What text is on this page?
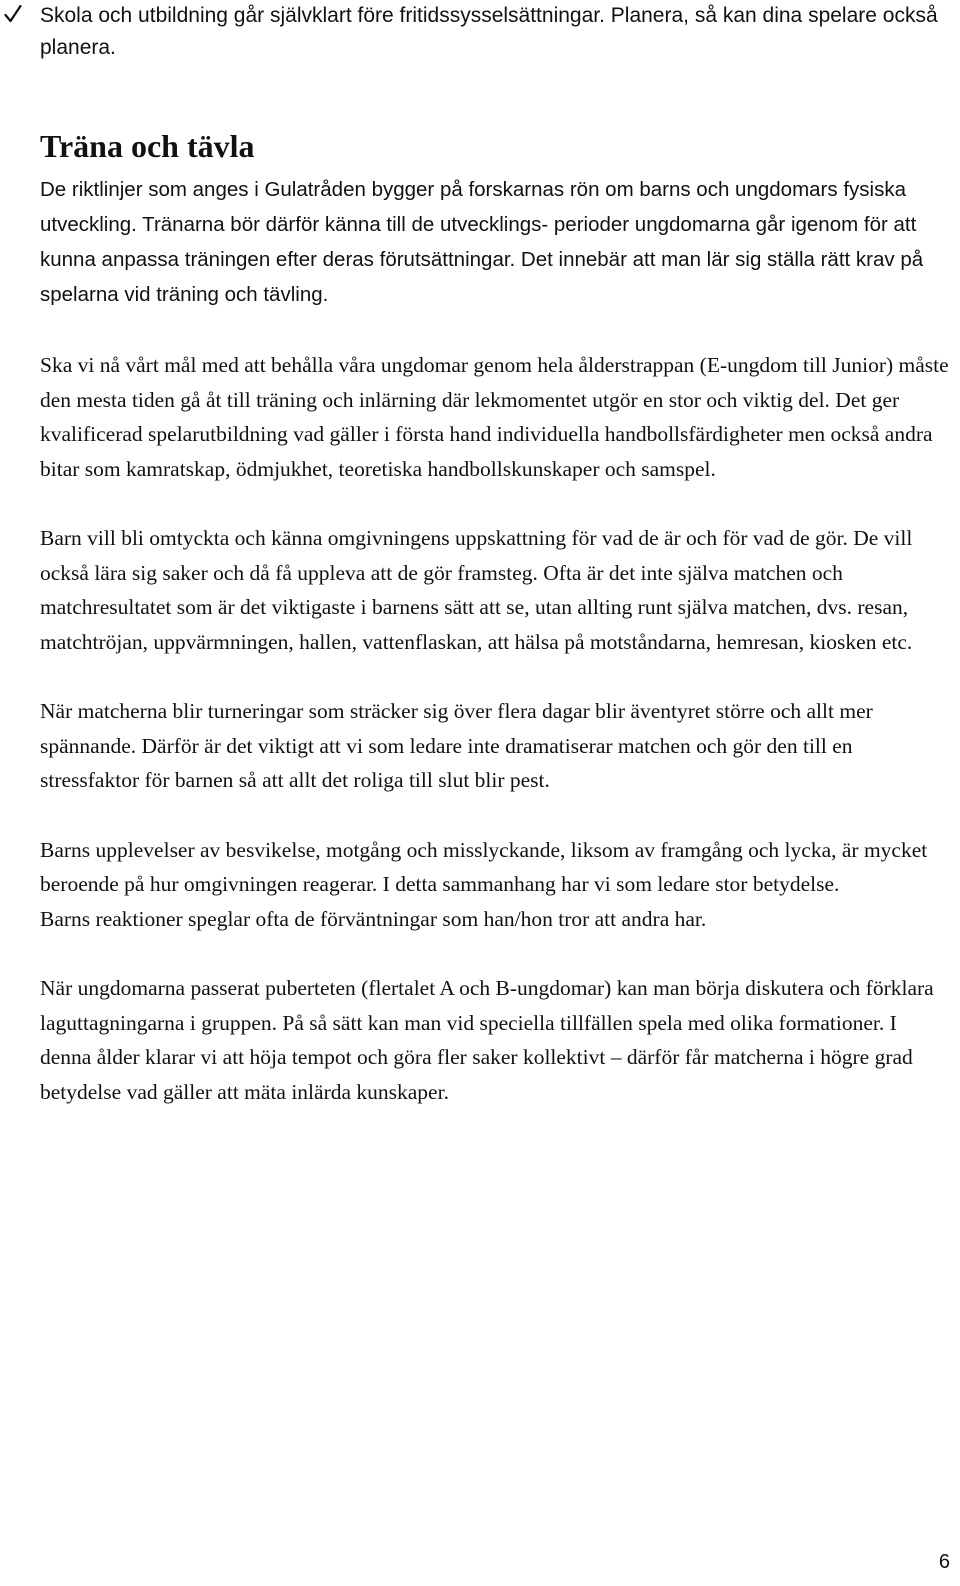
Skola och utbildning går självklart före fritidssysselsättningar. Planera, så kan dina spelare också planera.
Träna och tävla

De riktlinjer som anges i Gulatråden bygger på forskarnas rön om barns och ungdomars fysiska utveckling. Tränarna bör därför känna till de utvecklings- perioder ungdomarna går igenom för att kunna anpassa träningen efter deras förutsättningar. Det innebär att man lär sig ställa rätt krav på spelarna vid träning och tävling.

Ska vi nå vårt mål med att behålla våra ungdomar genom hela ålderstrappan (E-ungdom till Junior) måste den mesta tiden gå åt till träning och inlärning där lekmomentet utgör en stor och viktig del. Det ger kvalificerad spelarutbildning vad gäller i första hand individuella handbollsfärdigheter men också andra bitar som kamratskap, ödmjukhet, teoretiska handbollskunskaper och samspel.

Barn vill bli omtyckta och känna omgivningens uppskattning för vad de är och för vad de gör. De vill också lära sig saker och då få uppleva att de gör framsteg. Ofta är det inte själva matchen och matchresultatet som är det viktigaste i barnens sätt att se, utan allting runt själva matchen, dvs. resan, matchtröjan, uppvärmningen, hallen, vattenflaskan, att hälsa på motståndarna, hemresan, kiosken etc.

När matcherna blir turneringar som sträcker sig över flera dagar blir äventyret större och allt mer spännande. Därför är det viktigt att vi som ledare inte dramatiserar matchen och gör den till en stressfaktor för barnen så att allt det roliga till slut blir pest.

Barns upplevelser av besvikelse, motgång och misslyckande, liksom av framgång och lycka, är mycket beroende på hur omgivningen reagerar. I detta sammanhang har vi som ledare stor betydelse.

Barns reaktioner speglar ofta de förväntningar som han/hon tror att andra har.

När ungdomarna passerat puberteten (flertalet A och B-ungdomar) kan man börja diskutera och förklara laguttagningarna i gruppen. På så sätt kan man vid speciella tillfällen spela med olika formationer. I denna ålder klarar vi att höja tempot och göra fler saker kollektivt – därför får matcherna i högre grad betydelse vad gäller att mäta inlärda kunskaper.

6
